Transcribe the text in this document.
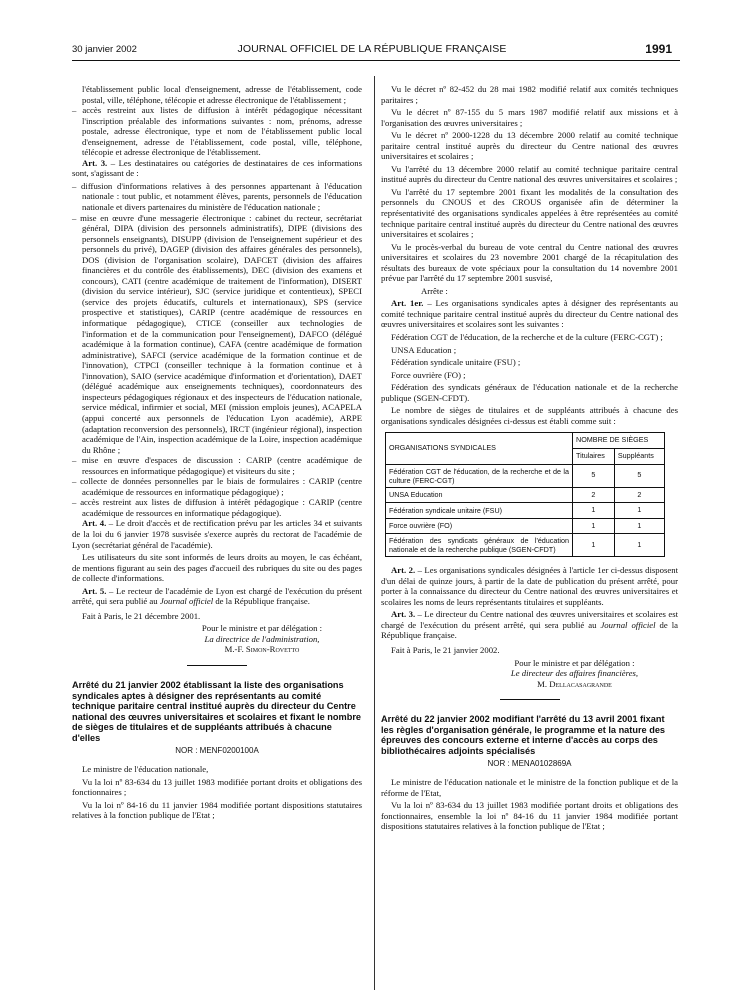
30 janvier 2002	JOURNAL OFFICIEL DE LA RÉPUBLIQUE FRANÇAISE	1991

l'établissement public local d'enseignement, adresse de l'établissement, code postal, ville, téléphone, télécopie et adresse électronique de l'établissement ;

– accès restreint aux listes de diffusion à intérêt pédagogique nécessitant l'inscription préalable des informations suivantes : nom, prénoms, adresse postale, adresse électronique, type et nom de l'établissement public local d'enseignement, adresse de l'établissement, code postal, ville, téléphone, télécopie et adresse électronique de l'établissement.

Art. 3. – Les destinataires ou catégories de destinataires de ces informations sont, s'agissant de :

– diffusion d'informations relatives à des personnes appartenant à l'éducation nationale : tout public, et notamment élèves, parents, personnels de l'éducation nationale et divers partenaires du ministère de l'éducation nationale ;

– mise en œuvre d'une messagerie électronique : cabinet du recteur, secrétariat général, DIPA (division des personnels administratifs), DIPE (divisions des personnels enseignants), DISUPP (division de l'enseignement supérieur et des personnels du privé), DAGEP (division des affaires générales des personnels), DOS (division de l'organisation scolaire), DAFCET (division des affaires financières et du contrôle des établissements), DEC (division des examens et concours), CATI (centre académique de traitement de l'information), DISERT (division du service intérieur), SJC (service juridique et contentieux), SPECI (service des projets éducatifs, culturels et internationaux), SPS (service prospective et statistiques), CARIP (centre académique de ressources en informatique pédagogique), CTICE (conseiller aux technologies de l'information et de la communication pour l'enseignement), DAFCO (délégué académique à la formation continue), CAFA (centre académique de formation administrative), SAFCI (service académique de la formation continue et de l'innovation), CTPCI (conseiller technique à la formation continue et à l'innovation), SAIO (service académique d'information et d'orientation), DAET (délégué académique aux enseignements techniques), coordonnateurs des inspecteurs pédagogiques régionaux et des inspecteurs de l'éducation nationale, service médical, infirmier et social, MEI (mission emplois jeunes), ACAPELA (appui concerté aux personnels de l'éducation Lyon académie), ARPE (adaptation reconversion des personnels), IRCT (ingénieur régional), inspection académique de l'Ain, inspection académique de la Loire, inspection académique du Rhône ;

– mise en œuvre d'espaces de discussion : CARIP (centre académique de ressources en informatique pédagogique) et visiteurs du site ;

– collecte de données personnelles par le biais de formulaires : CARIP (centre académique de ressources en informatique pédagogique) ;

– accès restreint aux listes de diffusion à intérêt pédagogique : CARIP (centre académique de ressources en informatique pédagogique).

Art. 4. – Le droit d'accès et de rectification prévu par les articles 34 et suivants de la loi du 6 janvier 1978 susvisée s'exerce auprès du rectorat de l'académie de Lyon (secrétariat général de l'académie).

Les utilisateurs du site sont informés de leurs droits au moyen, le cas échéant, de mentions figurant au sein des pages d'accueil des rubriques du site ou des pages de collecte d'informations.

Art. 5. – Le recteur de l'académie de Lyon est chargé de l'exécution du présent arrêté, qui sera publié au Journal officiel de la République française.

Fait à Paris, le 21 décembre 2001.

Pour le ministre et par délégation :

La directrice de l'administration,

M.-F. Simon-Rovetto

Arrêté du 21 janvier 2002 établissant la liste des organisations syndicales aptes à désigner des représentants au comité technique paritaire central institué auprès du directeur du Centre national des œuvres universitaires et scolaires et fixant le nombre de sièges de titulaires et de suppléants attribués à chacune d'elles

NOR : MENF0200100A

Le ministre de l'éducation nationale,

Vu la loi nº 83-634 du 13 juillet 1983 modifiée portant droits et obligations des fonctionnaires ;

Vu la loi nº 84-16 du 11 janvier 1984 modifiée portant dispositions statutaires relatives à la fonction publique de l'Etat ;

Vu le décret nº 82-452 du 28 mai 1982 modifié relatif aux comités techniques paritaires ;

Vu le décret nº 87-155 du 5 mars 1987 modifié relatif aux missions et à l'organisation des œuvres universitaires ;

Vu le décret nº 2000-1228 du 13 décembre 2000 relatif au comité technique paritaire central institué auprès du directeur du Centre national des œuvres universitaires et scolaires ;

Vu l'arrêté du 13 décembre 2000 relatif au comité technique paritaire central institué auprès du directeur du Centre national des œuvres universitaires et scolaires ;

Vu l'arrêté du 17 septembre 2001 fixant les modalités de la consultation des personnels du CNOUS et des CROUS organisée afin de déterminer la représentativité des organisations syndicales appelées à être représentées au comité technique paritaire central institué auprès du directeur du Centre national des œuvres universitaires et scolaires ;

Vu le procès-verbal du bureau de vote central du Centre national des œuvres universitaires et scolaires du 23 novembre 2001 chargé de la récapitulation des résultats des bureaux de vote spéciaux pour la consultation du 14 novembre 2001 prévue par l'arrêté du 17 septembre 2001 susvisé,

Arrête :

Art. 1er. – Les organisations syndicales aptes à désigner des représentants au comité technique paritaire central institué auprès du directeur du Centre national des œuvres universitaires et scolaires sont les suivantes :

Fédération CGT de l'éducation, de la recherche et de la culture (FERC-CGT) ;

UNSA Education ;

Fédération syndicale unitaire (FSU) ;

Force ouvrière (FO) ;

Fédération des syndicats généraux de l'éducation nationale et de la recherche publique (SGEN-CFDT).

Le nombre de sièges de titulaires et de suppléants attribués à chacune des organisations syndicales désignées ci-dessus est établi comme suit :

ORGANISATIONS SYNDICALES	NOMBRE DE SIÈGES	
	Titulaires	Suppléants
Fédération CGT de l'éducation, de la recherche et de la culture (FERC-CGT)	5	5
UNSA Education	2	2
Fédération syndicale unitaire (FSU)	1	1
Force ouvrière (FO)	1	1
Fédération des syndicats généraux de l'éducation nationale et de la recherche publique (SGEN-CFDT)	1	1

Art. 2. – Les organisations syndicales désignées à l'article 1er ci-dessus disposent d'un délai de quinze jours, à partir de la date de publication du présent arrêté, pour porter à la connaissance du directeur du Centre national des œuvres universitaires et scolaires les noms de leurs représentants titulaires et suppléants.

Art. 3. – Le directeur du Centre national des œuvres universitaires et scolaires est chargé de l'exécution du présent arrêté, qui sera publié au Journal officiel de la République française.

Fait à Paris, le 21 janvier 2002.

Pour le ministre et par délégation :

Le directeur des affaires financières,

M. Dellacasagrande

Arrêté du 22 janvier 2002 modifiant l'arrêté du 13 avril 2001 fixant les règles d'organisation générale, le programme et la nature des épreuves des concours externe et interne d'accès au corps des bibliothécaires adjoints spécialisés

NOR : MENA0102869A

Le ministre de l'éducation nationale et le ministre de la fonction publique et de la réforme de l'Etat,

Vu la loi nº 83-634 du 13 juillet 1983 modifiée portant droits et obligations des fonctionnaires, ensemble la loi nº 84-16 du 11 janvier 1984 modifiée portant dispositions statutaires relatives à la fonction publique de l'Etat ;
